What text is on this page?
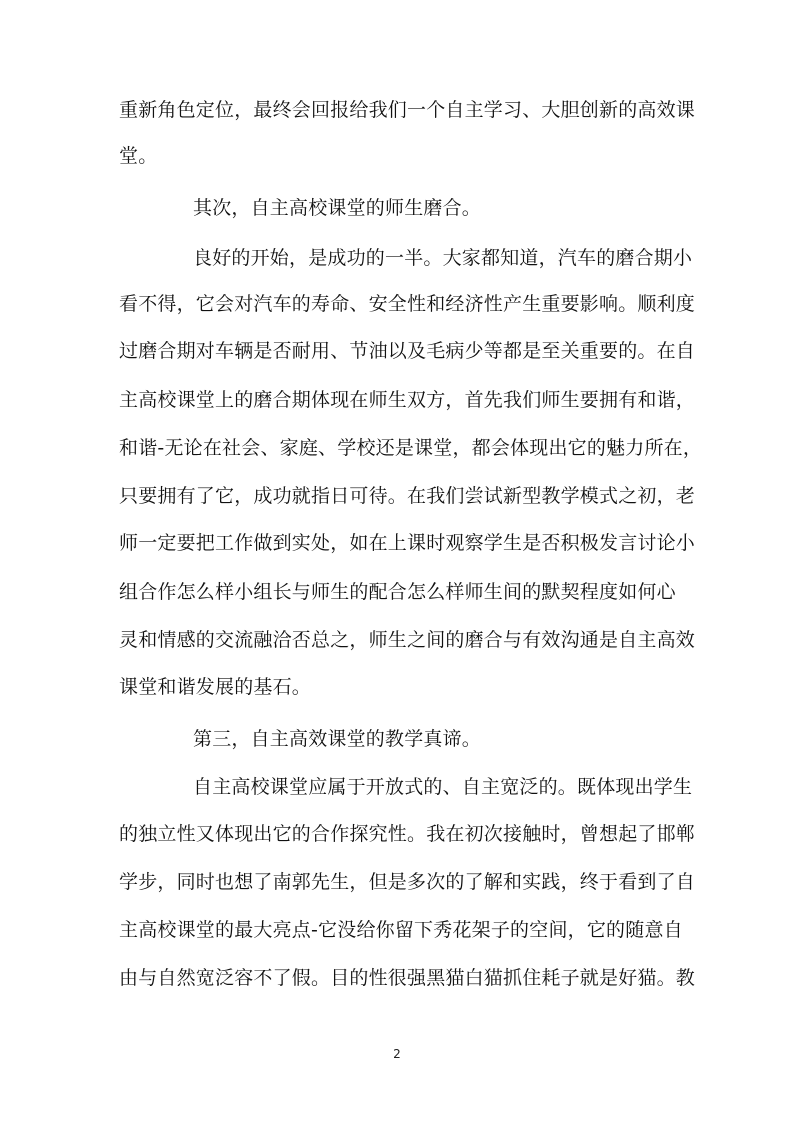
重新角色定位，最终会回报给我们一个自主学习、大胆创新的高效课
堂。
其次，自主高校课堂的师生磨合。
良好的开始，是成功的一半。大家都知道，汽车的磨合期小
看不得，它会对汽车的寿命、安全性和经济性产生重要影响。顺利度
过磨合期对车辆是否耐用、节油以及毛病少等都是至关重要的。在自
主高校课堂上的磨合期体现在师生双方，首先我们师生要拥有和谐，
和谐-无论在社会、家庭、学校还是课堂，都会体现出它的魅力所在，
只要拥有了它，成功就指日可待。在我们尝试新型教学模式之初，老
师一定要把工作做到实处，如在上课时观察学生是否积极发言讨论小
组合作怎么样小组长与师生的配合怎么样师生间的默契程度如何心
灵和情感的交流融洽否总之，师生之间的磨合与有效沟通是自主高效
课堂和谐发展的基石。
第三，自主高效课堂的教学真谛。
自主高校课堂应属于开放式的、自主宽泛的。既体现出学生
的独立性又体现出它的合作探究性。我在初次接触时，曾想起了邯郸
学步，同时也想了南郭先生，但是多次的了解和实践，终于看到了自
主高校课堂的最大亮点-它没给你留下秀花架子的空间，它的随意自
由与自然宽泛容不了假。目的性很强黑猫白猫抓住耗子就是好猫。教
2
